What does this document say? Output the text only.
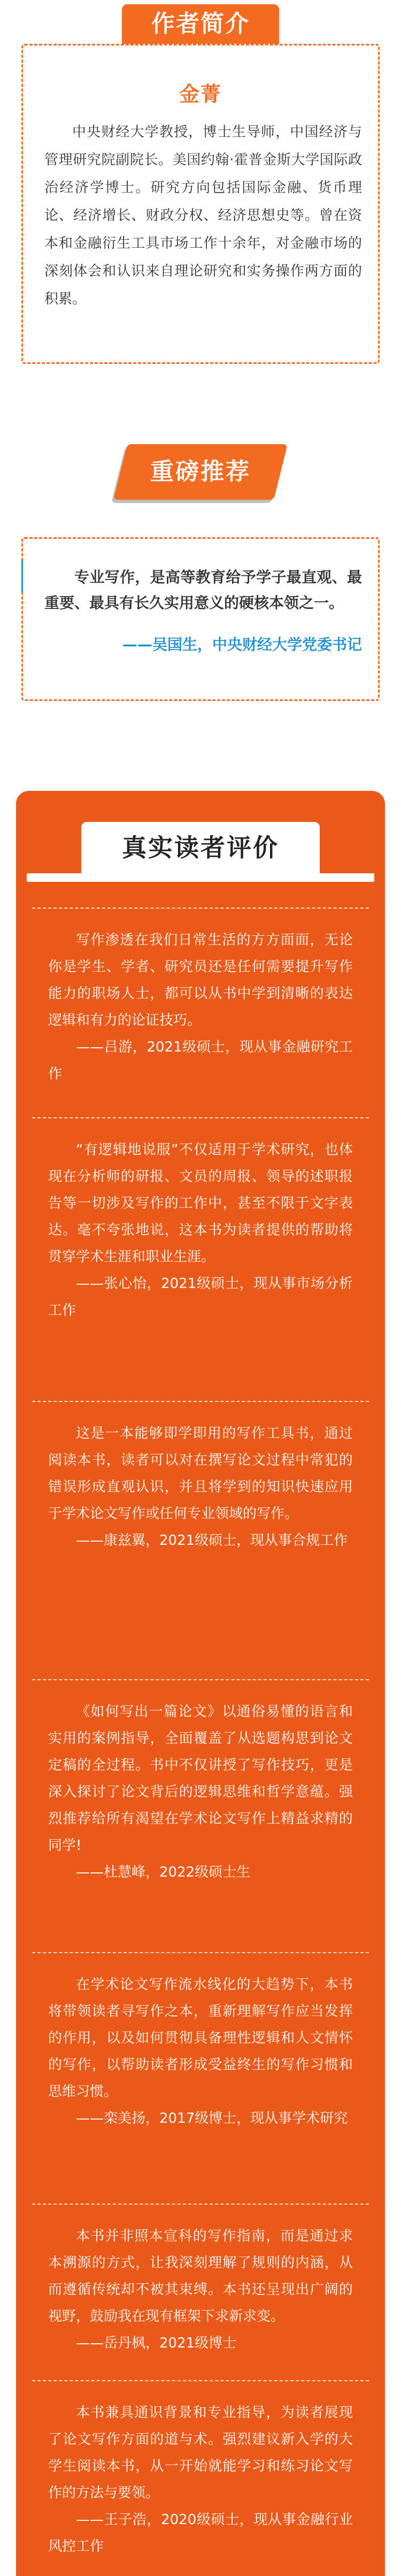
作者简介
金菁

中央财经大学教授，博士生导师，中国经济与管理研究院副院长。美国约翰·霍普金斯大学国际政治经济学博士。研究方向包括国际金融、货币理论、经济增长、财政分权、经济思想史等。曾在资本和金融衍生工具市场工作十余年，对金融市场的深刻体会和认识来自理论研究和实务操作两方面的积累。

重磅推荐

专业写作，是高等教育给予学子最直观、最重要、最具有长久实用意义的硬核本领之一。

——吴国生，中央财经大学党委书记
真实读者评价

写作渗透在我们日常生活的方方面面，无论你是学生、学者、研究员还是任何需要提升写作能力的职场人士，都可以从书中学到清晰的表达逻辑和有力的论证技巧。

——吕游，2021级硕士，现从事金融研究工作

“有逻辑地说服”不仅适用于学术研究，也体现在分析师的研报、文员的周报、领导的述职报告等一切涉及写作的工作中，甚至不限于文字表达。毫不夸张地说，这本书为读者提供的帮助将贯穿学术生涯和职业生涯。

——张心怡，2021级硕士，现从事市场分析工作

这是一本能够即学即用的写作工具书，通过阅读本书，读者可以对在撰写论文过程中常犯的错误形成直观认识，并且将学到的知识快速应用于学术论文写作或任何专业领域的写作。

——康兹翼，2021级硕士，现从事合规工作

《如何写出一篇论文》以通俗易懂的语言和实用的案例指导，全面覆盖了从选题构思到论文定稿的全过程。书中不仅讲授了写作技巧，更是深入探讨了论文背后的逻辑思维和哲学意蕴。强烈推荐给所有渴望在学术论文写作上精益求精的同学!

——杜慧峰，2022级硕士生

在学术论文写作流水线化的大趋势下，本书将带领读者寻写作之本，重新理解写作应当发挥的作用，以及如何贯彻具备理性逻辑和人文情怀的写作，以帮助读者形成受益终生的写作习惯和思维习惯。

——栾美扬，2017级博士，现从事学术研究

本书并非照本宣科的写作指南，而是通过求本溯源的方式，让我深刻理解了规则的内涵，从而遵循传统却不被其束缚。本书还呈现出广阔的视野，鼓励我在现有框架下求新求变。

——岳丹枫，2021级博士

本书兼具通识背景和专业指导，为读者展现了论文写作方面的道与术。强烈建议新入学的大学生阅读本书，从一开始就能学习和练习论文写作的方法与要领。

——王子浩，2020级硕士，现从事金融行业风控工作
